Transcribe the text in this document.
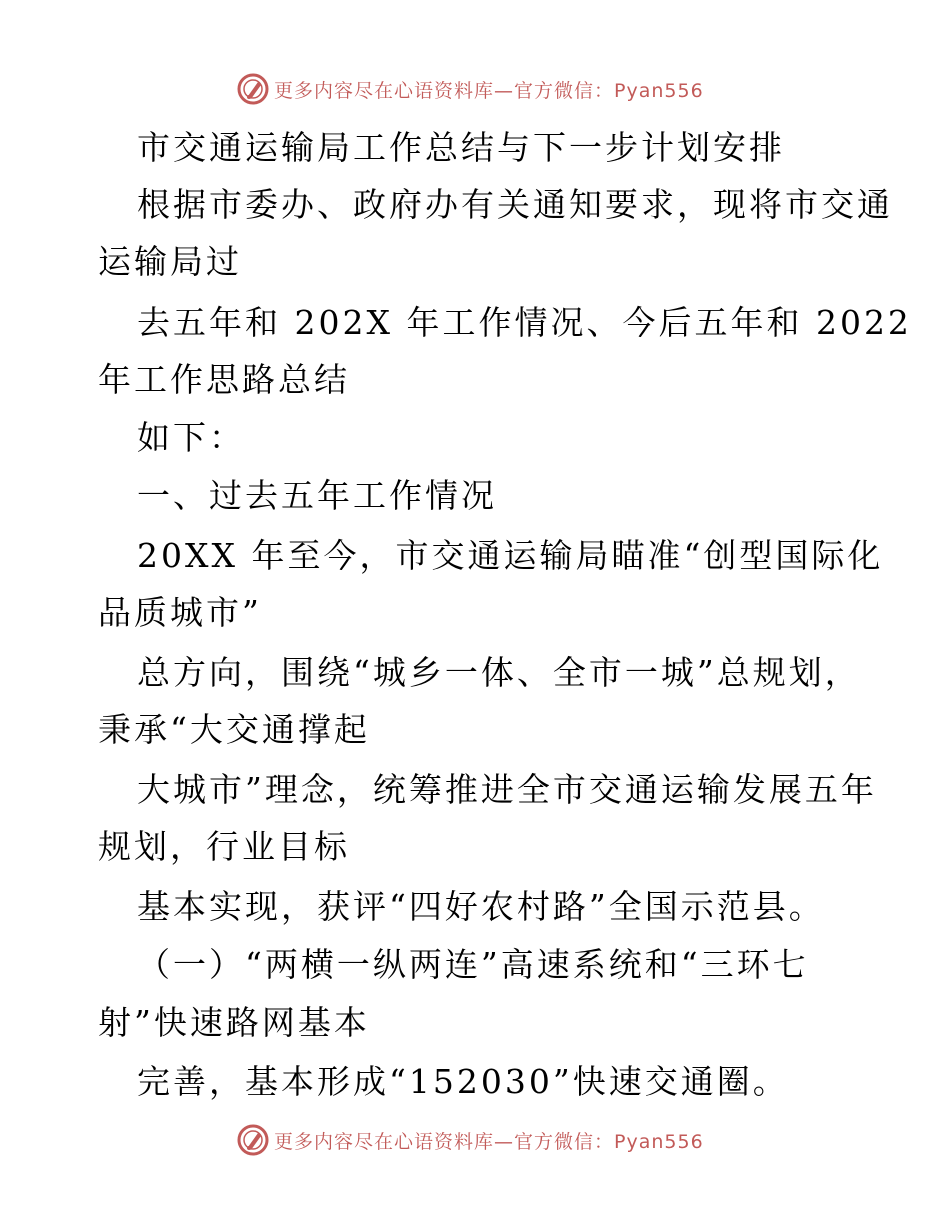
更多内容尽在心语资料库—官方微信：Pyan556
市交通运输局工作总结与下一步计划安排
根据市委办、政府办有关通知要求，现将市交通
运输局过
去五年和 202X 年工作情况、今后五年和 2022
年工作思路总结
如下：
一、过去五年工作情况
20XX 年至今，市交通运输局瞄准“创型国际化
品质城市”
总方向，围绕“城乡一体、全市一城”总规划，
秉承“大交通撑起
大城市”理念，统筹推进全市交通运输发展五年
规划，行业目标
基本实现，获评“四好农村路”全国示范县。
（一）“两横一纵两连”高速系统和“三环七
射”快速路网基本
完善，基本形成“152030”快速交通圈。
更多内容尽在心语资料库—官方微信：Pyan556
